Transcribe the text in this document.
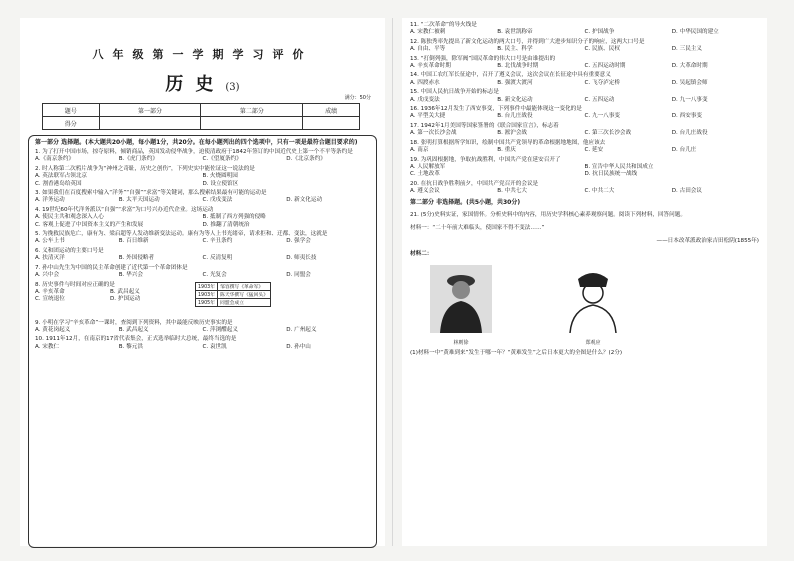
八年级第一学期学习评价
历史(3)
满分：50分
题号	第一部分	第二部分	成绩
得分			
第一部分 选择题。(本大题共20小题，每小题1分，共20分。在每小题列出的四个选项中，只有一项是最符合题目要求的)

1. 为了打开中国市场，掠夺原料，倾销商品，英国发动侵华战争，迫使清政府于1842年签订的中国近代史上第一个不平等条约是

A.《南京条约》	B.《虎门条约》	C.《望厦条约》	D.《北京条约》

2. 时人称第二次鸦片战争为“神州之奇耻，历史之创伤”，下列史实中能佐证这一说法的是

A. 英法联军占领北京	B. 火烧圆明园
C. 割香港岛给英国	D. 设立使馆区

3. 如果我们在百度搜索中输入“洋务”“自强”“求富”等关键词，那么搜索结果最有可能的运动是

A. 洋务运动	B. 太平天国运动	C. 戊戌变法	D. 新文化运动

4. 19世纪60年代洋务派以“自强”“求富”为口号兴办近代企业。这场运动

A. 使民主共和观念深入人心	B. 抵制了西方列强的侵略
C. 客观上促进了中国资本主义的产生和发展	D. 推翻了清朝统治

5. 为挽救民族危亡，康有为、梁启超等人发动维新变法运动。康有为等人上书光绪帝，请求拒和、迁都、变法，这就是

A. 公车上书	B. 百日维新	C. 辛丑条约	D. 强学会

6. 义和团运动的主要口号是

A. 扶清灭洋	B. 外国侵略者	C. 反清复明	D. 师夷长技

7. 孙中山先生为中国的民主革命创建了近代第一个革命团体是

A. 兴中会	B. 华兴会	C. 光复会	D. 同盟会

8. 历史事件与时间对应正确的是

A. 辛亥革命	B. 武昌起义
C. 宣统退位	D. 护国运动
1903年	邹容撰写《革命军》
1903年	陈天华撰写《猛回头》
1905年	同盟会成立

9. 小明在学习“辛亥革命”一课时，查阅到下列资料，其中最能反映历史事实的是

A. 黄花岗起义	B. 武昌起义	C. 萍浏醴起义	D. 广州起义

10. 1911年12月，在南京的17省代表集会，正式选举临时大总统，最终当选的是

A. 宋教仁	B. 黎元洪	C. 袁世凯	D. 孙中山

11. “二次革命”的导火线是

A. 宋教仁被刺	B. 袁世凯称帝	C. 护国战争	D. 中华民国的建立

12. 陈独秀率先提出了新文化运动的两大口号，并得到广大进步知识分子的响应，这两大口号是

A. 自由、平等	B. 民主、科学	C. 民族、民权	D. 三民主义

13. “打倒列强，除军阀”国民革命的伟大口号是由谁提出的

A. 辛亥革命时期	B. 北伐战争时期	C. 五四运动时期	D. 大革命时期

14. 中国工农红军长征途中，召开了遵义会议，这次会议在长征途中具有重要意义

A. 四渡赤水	B. 强渡大渡河	C. 飞夺泸定桥	D. 吴起镇会师

15. 中国人民抗日战争开始的标志是

A. 戊戌变法	B. 新文化运动	C. 五四运动	D. 九一八事变

16. 1936年12月发生了西安事变，下列事件中最能体现这一变化的是

A. 平型关大捷	B. 台儿庄战役	C. 九一八事变	D. 西安事变

17. 1942年1月美国等国家签署的《联合国家宣言》，标志着

A. 第一次长沙会战	B. 淞沪会战	C. 第三次长沙会战	D. 台儿庄战役

18. 张明打算根据所学知识，绘制中国共产党领导的革命根据地地图，他应该去

A. 南京	B. 重庆	C. 延安	D. 台儿庄

19. 为巩固根据地，争取抗战胜利，中国共产党在延安召开了

A. 人民解放军	B. 宣告中华人民共和国成立
C. 土地改革	D. 抗日民族统一战线

20. 在抗日战争胜利前夕，中国共产党召开的会议是

A. 遵义会议	B. 中共七大	C. 中共二大	D. 古田会议
第二部分 非选择题。(共5小题，共30分)

21. (5分)史料实证，家国情怀。分析史料中的内容，用历史学科核心素养观察问题。阅读下列材料，回答问题。

材料一：“二十年前大难临头，使国家不得不变法……”

——日本改革派政治家吉田松阴(1855年)

材料二：

林则徐	郑观应

(1)材料一中“黄难到来”发生于哪一年？“黄难发生”之后日本更大的全图是什么？(2分)
